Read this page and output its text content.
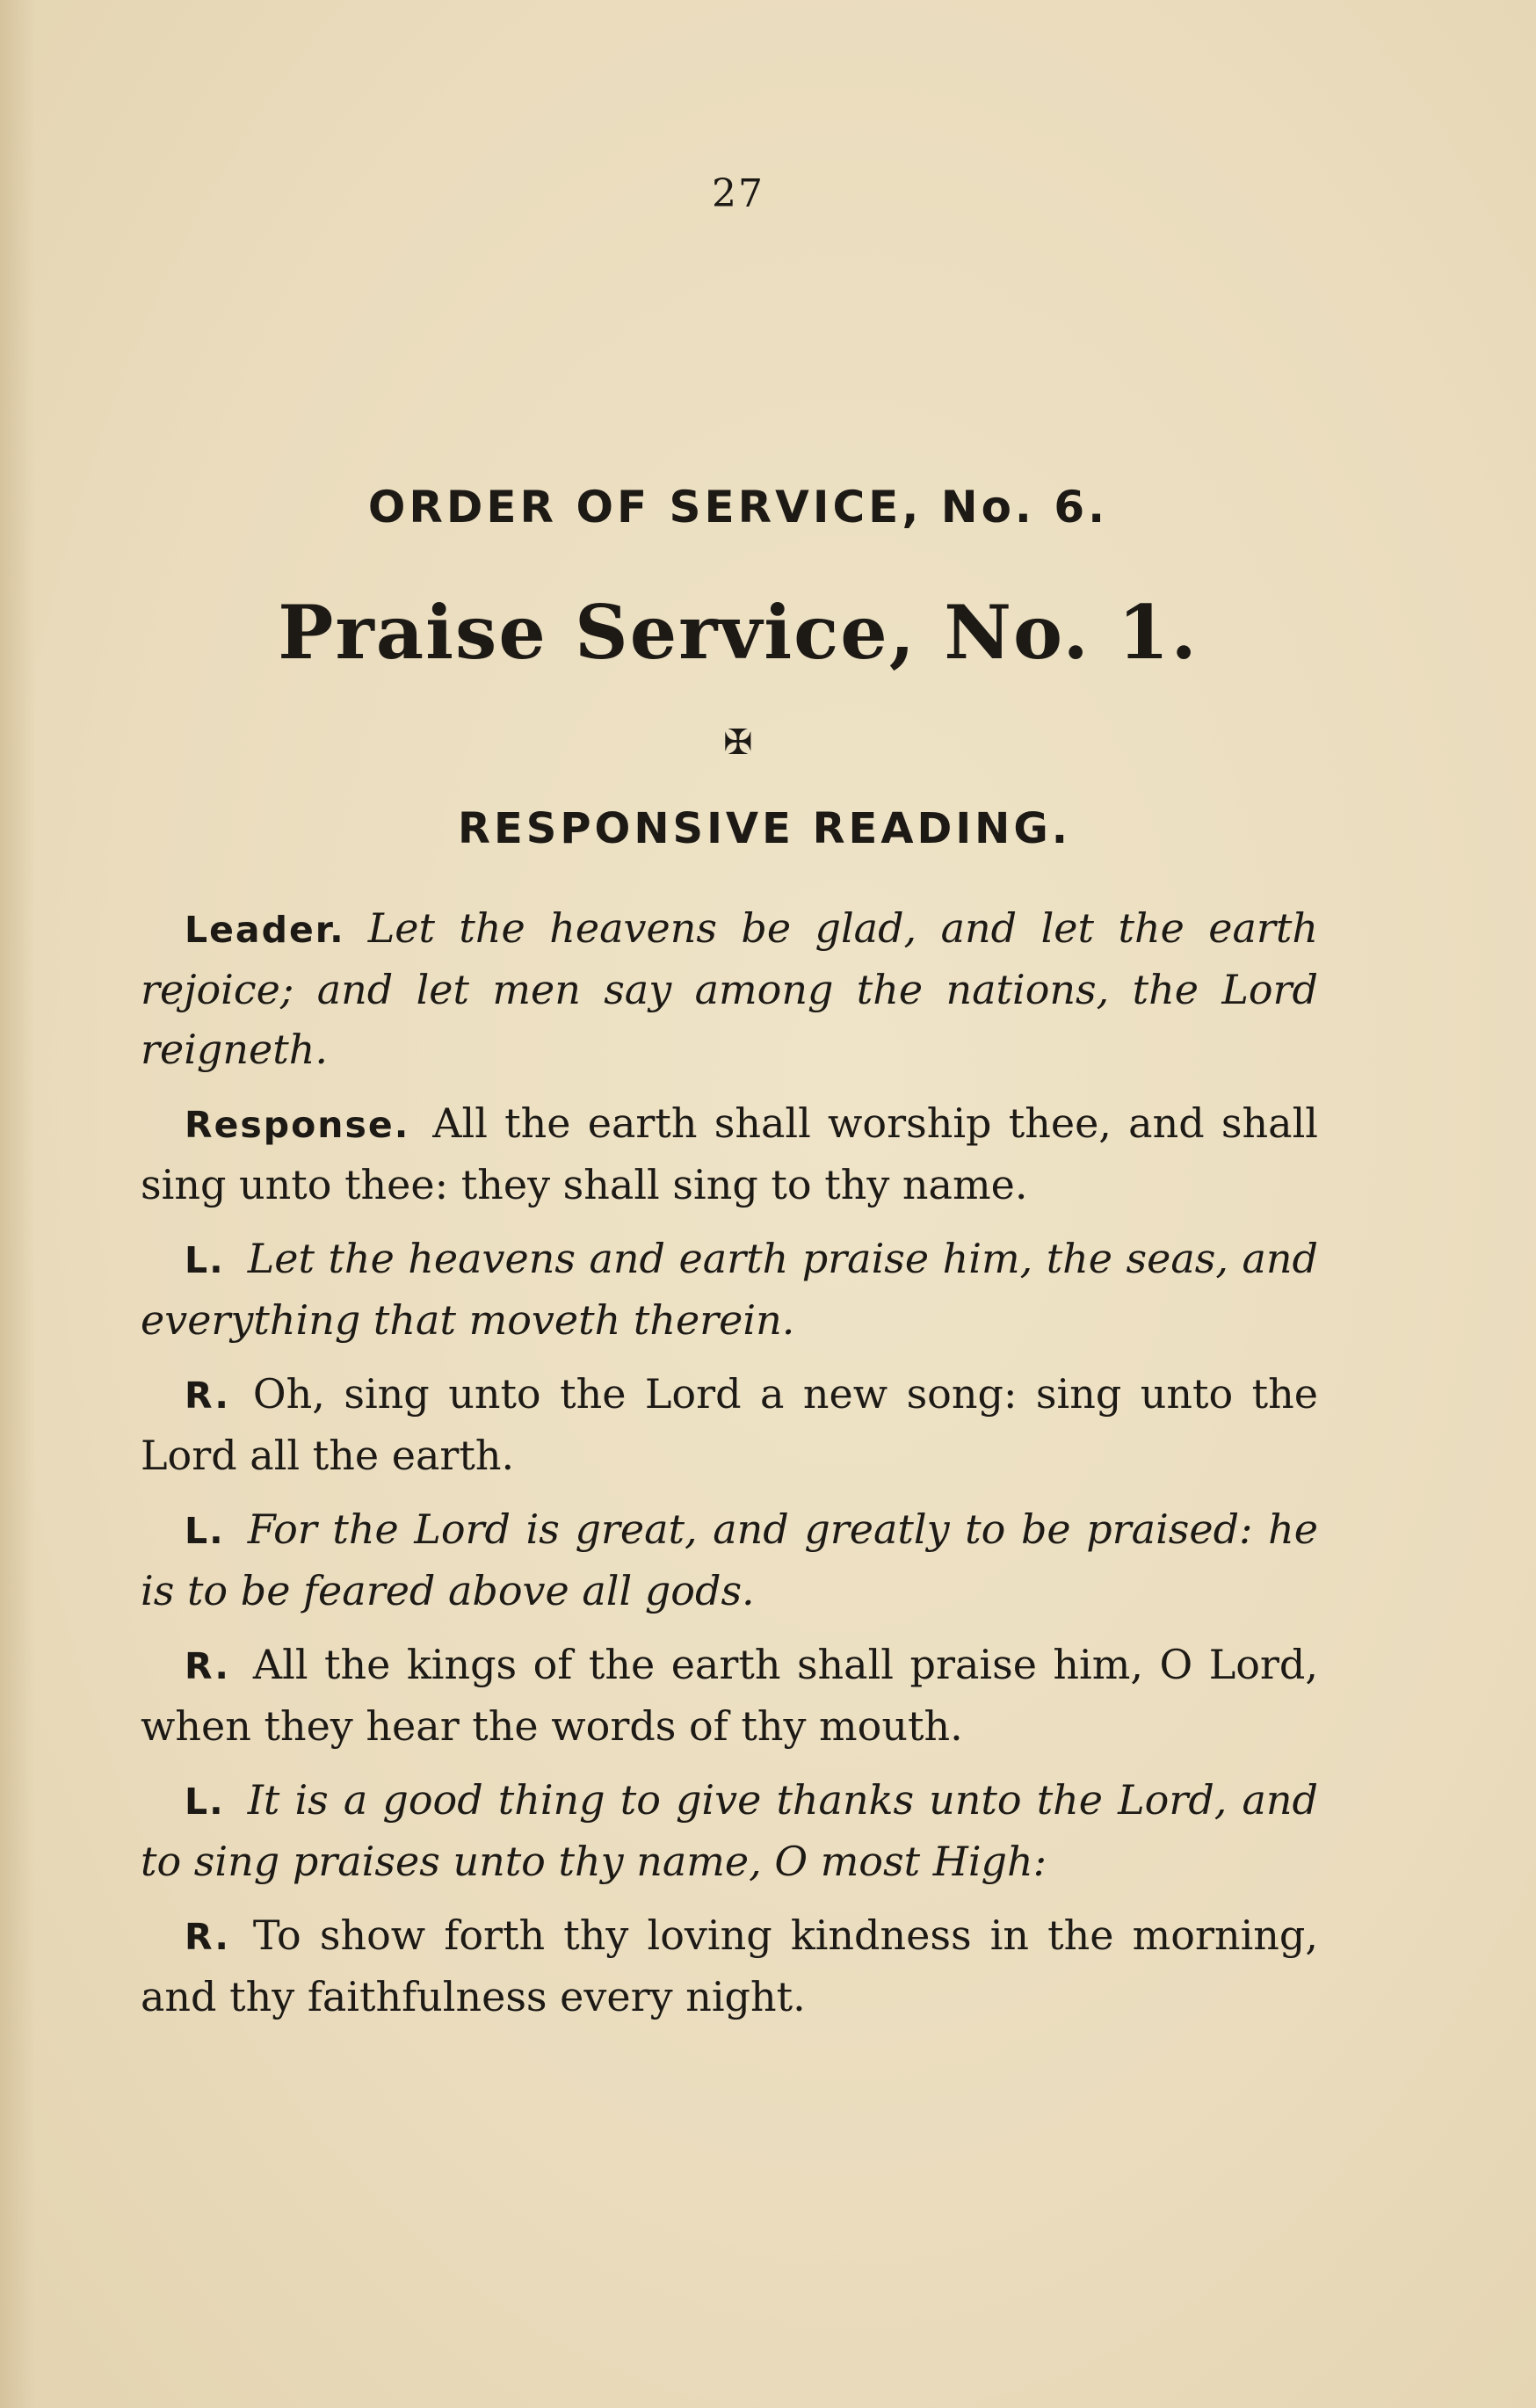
27
ORDER OF SERVICE, No. 6.
Praise Service, No. 1.
✠
RESPONSIVE READING.

Leader. Let the heavens be glad, and let the earth rejoice; and let men say among the nations, the Lord reigneth.

Response. All the earth shall worship thee, and shall sing unto thee: they shall sing to thy name.

L. Let the heavens and earth praise him, the seas, and everything that moveth therein.

R. Oh, sing unto the Lord a new song: sing unto the Lord all the earth.

L. For the Lord is great, and greatly to be praised: he is to be feared above all gods.

R. All the kings of the earth shall praise him, O Lord, when they hear the words of thy mouth.

L. It is a good thing to give thanks unto the Lord, and to sing praises unto thy name, O most High:

R. To show forth thy loving kindness in the morning, and thy faithfulness every night.
